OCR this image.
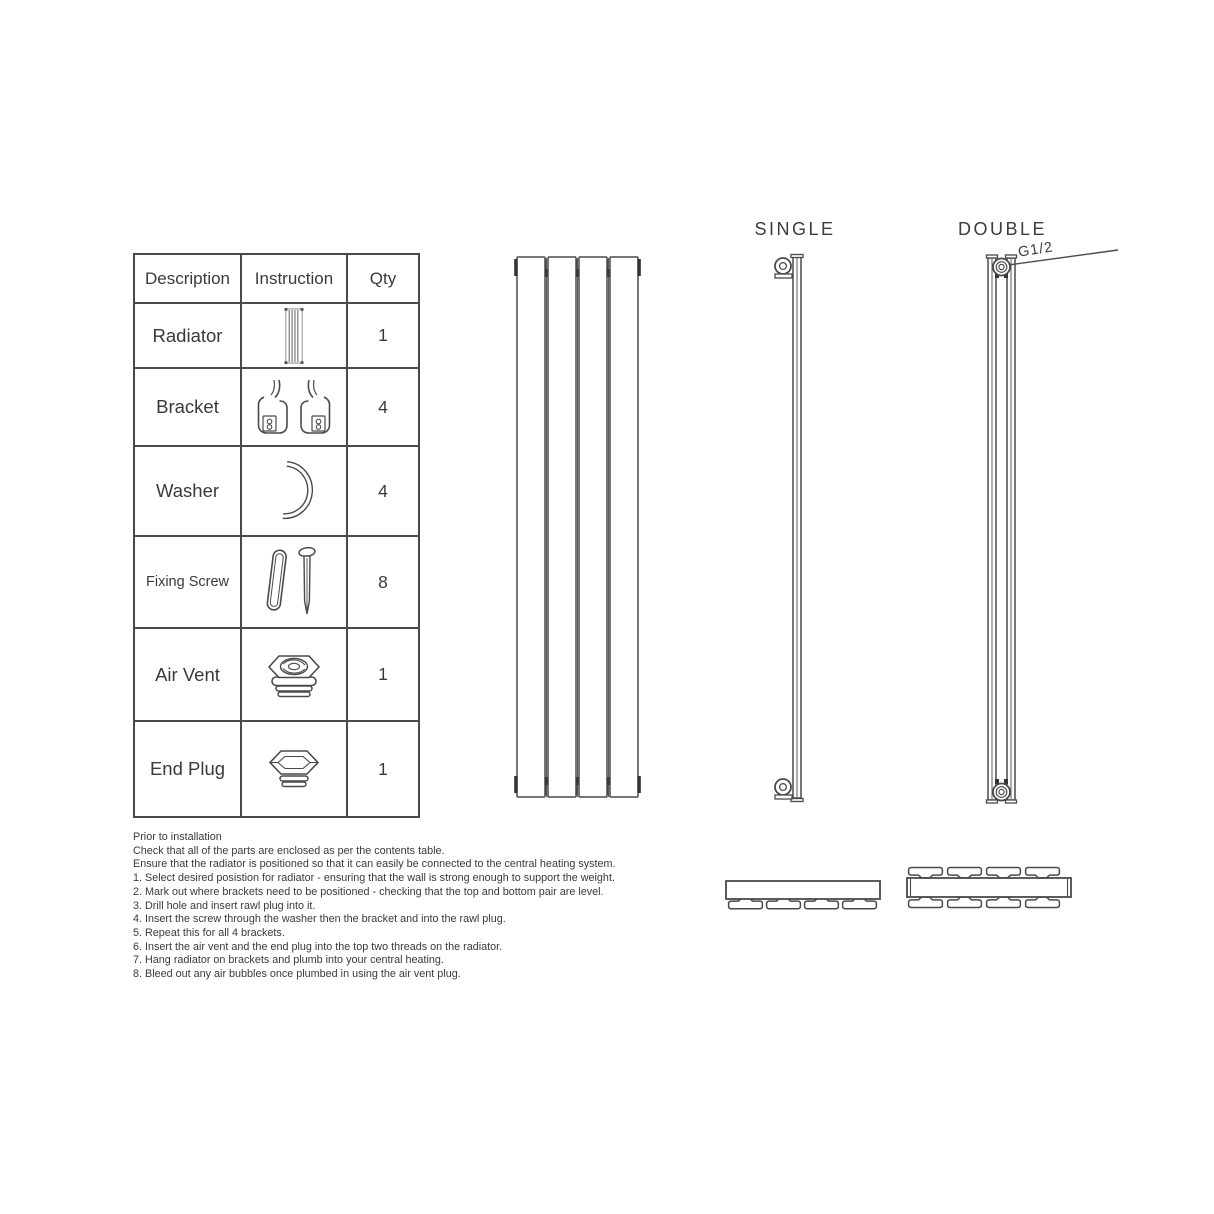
Description	Instruction	Qty
Radiator		1
Bracket		4
Washer		4
Fixing Screw		8
Air Vent		1
End Plug		1
SINGLE	DOUBLE
G1/2
Prior to installation
Check that all of the parts are enclosed as per the contents table.
Ensure that the radiator is positioned so that it can easily be connected to the central heating system.
1. Select desired posistion for radiator - ensuring that the wall is strong enough to support the weight.
2. Mark out where brackets need to be positioned - checking that the top and bottom pair are level.
3. Drill hole and insert rawl plug into it.
4. Insert the screw through the washer then the bracket and into the rawl plug.
5. Repeat this for all 4 brackets.
6. Insert the air vent and the end plug into the top two threads on the radiator.
7. Hang radiator on brackets and plumb into your central heating.
8. Bleed out any air bubbles once plumbed in using the air vent plug.
